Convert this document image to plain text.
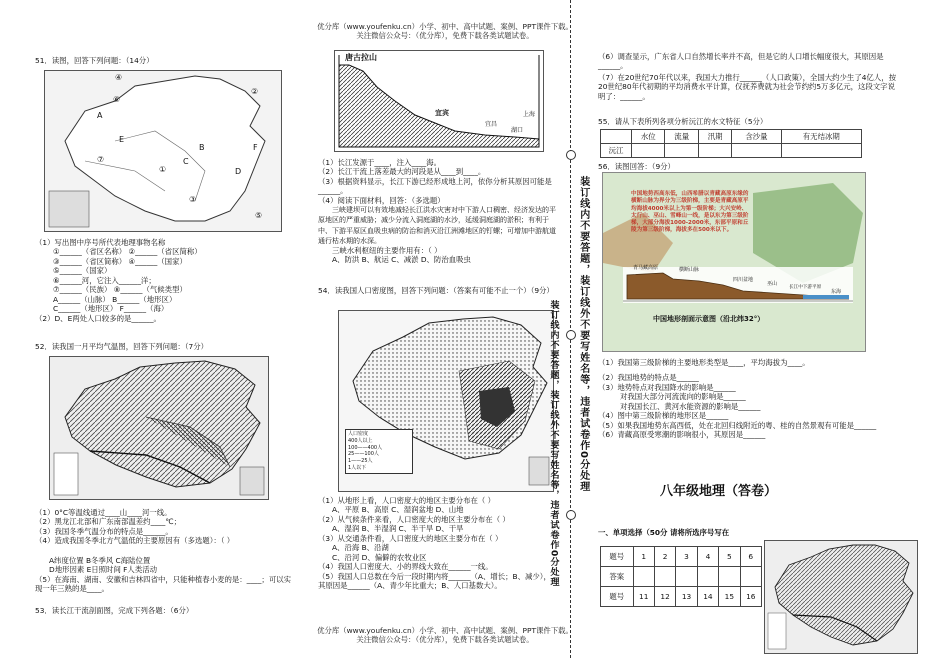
优分库（www.youfenku.cn）小学、初中、高中试题、案例、PPT课件下载。
关注微信公众号：（优分库），免费下载各类试题试卷。
51．读图，回答下列问题：（14分）
④
⑥
②
A
E
B	F
⑦	C
①
③
⑤
D
（1）写出图中序号所代表地理事物名称
①______（省区名称） ②______（省区简称）
③______（省区简称） ④______（国家）
⑤______（国家）
⑥______河，它注入______洋；
⑦______（民族） ⑧______（气候类型）
A______（山脉） B______（地形区）
C______（地形区） F______（海）
（2）D、E两处人口较多的是______。
52．读我国一月平均气温图，回答下列问题：（7分）
（1）0°C等温线通过____山____河一线。
（2）黑龙江北部和广东南部温差约____℃；
（3）我国冬季气温分布的特点是______。
（4）造成我国冬季北方气温低的主要原因有（多选题）：（ ）
A纬度位置 B冬季风 C海陆位置
D地形因素 E日照时间 F人类活动
（5）在海南、湖南、安徽和吉林四省中，只能种植春小麦的是：____；可以实现一年三熟的是____。
53．读长江干流剖面图，完成下列各题：（6分）
唐古拉山
宜宾
宜昌
湖口
上海
（1）长江发源于____，注入____海。
（2）长江干流上落差最大的河段是从____到____。
（3）根据资料显示，长江下游已经形成地上河，依你分析其原因可能是______。
（4）阅读下面材料，回答：（多选题）
三峡建坝可以有效地减轻长江洪水灾害对中下游人口稠密、经济发达的平原地区的严重威胁；减少分流入洞庭湖的水沙，延缓洞庭湖的淤积；有利于中、下游平原区血吸虫病的防治和消灭沿江洲滩地区的钉螺；可增加中游航道通行枯水期的水深。
三峡水利枢纽的主要作用有：（ ）
A、防洪 B、航运 C、减淤 D、防治血吸虫
54．读我国人口密度图，回答下列问题：（答案有可能不止一个）（9分）
人口密度
400人以上
100——400人
25——100人
1——25人
1人以下
（1）从地形上看，人口密度大的地区主要分布在（ ）
A、平原 B、高原 C、湿润盆地 D、山地
（2）从气候条件来看，人口密度大的地区主要分布在（ ）
A、湿润 B、半湿润 C、半干旱 D、干旱
（3）从交通条件看，人口密度大的地区主要分布在（ ）
A、沿海 B、沿湖
C、沿河 D、偏僻的农牧业区
（4）我国人口密度大、小的界线大致在______一线。
（5）我国人口总数在今后一段时期内将______（A、增长；B、减少），其原因是______（A、青少年比重大；B、人口基数大）。
优分库（www.youfenku.cn）小学、初中、高中试题、案例、PPT课件下载。
关注微信公众号：（优分库），免费下载各类试题试卷。
装订线内不要答题，装订线外不要写姓名等，违者试卷作0分处理
装订线内不要答题，装订线外不要写姓名等，违者试卷作0分处理
（6）调查显示，广东省人口自然增长率并不高，但是它的人口增长幅度很大，其原因是______。
（7）在20世纪70年代以来，我国大力推行______（人口政策），全国大约少生了4亿人，按20世纪80年代初期的平均消费水平计算，仅抚养费就为社会节约约5万多亿元，这段文字说明了：______。
55．请从下表所列各项分析沅江的水文特征（5分）
	水位	流量	汛期	含沙量	有无结冰期
沅江					
56．读图回答：（9分）
中国地势西高东低，山西希腊以青藏高原东缘的横断山脉为界分为三级阶梯，主要是青藏高原平均海拔4000米以上为第一级阶梯；大兴安岭、太行山、巫山、雪峰山一线，是以东为第三级阶梯，大部分海拔1000-2000米，东部平原和丘陵为第三级阶梯，海拔多在500米以下。
青马藏高原	横断山脉
四川盆地
巫山
长江中下游平原
东海
中国地形剖面示意图（沿北纬32°）
（1）我国第三级阶梯的主要地形类型是____，平均海拔为____。
（2）我国地势的特点是______
（3）地势特点对我国降水的影响是______
对我国大部分河流流向的影响是______
对我国长江、黄河水能资源的影响是______
（4）图中第三级阶梯的地形区是______
（5）如果我国地势东高西低，处在北回归线附近的粤、桂的自然景观有可能是______
（6）青藏高原受寒潮的影响很小，其原因是______
八年级地理（答卷）
一、单项选择（50分 请将所选序号写在
题号	1	2	3	4	5	6
答案						
题号	11	12	13	14	15	16
